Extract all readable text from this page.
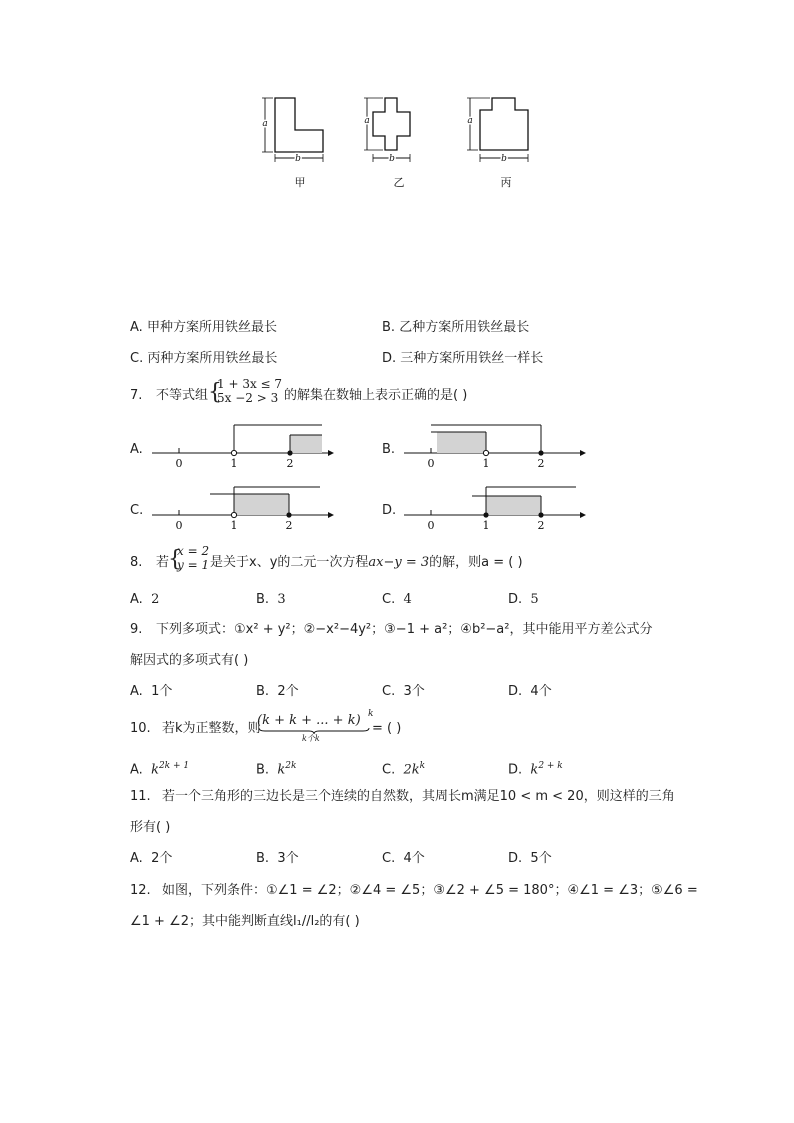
a
b
甲
a
b
乙
a
b
丙
A. 甲种方案所用铁丝最长	B. 乙种方案所用铁丝最长
C. 丙种方案所用铁丝最长	D. 三种方案所用铁丝一样长
7. 不等式组 {
1 + 3x ≤ 7
5x −2 > 3 的解集在数轴上表示正确的是( )
A.	B.
C.	D.
0	1	2	0	1	2
0	1	2	0	1	2
8. 若
{
x = 2
y = 1 是关于x、y的二元一次方程ax−y = 3的解，则a = ( )
A. 2	B. 3	C. 4	D. 5
9. 下列多项式：①x² + y²；②−x²−4y²；③−1 + a²；④b²−a²，其中能用平方差公式分
解因式的多项式有( )
A. 1个	B. 2个	C. 3个	D. 4个
10. 若k为正整数，则
(k + k + ... + k) k
k个k
= ( )
A. $k^{2k + 1}$	B. $k^{2k}$	C. $2k^k$	D. $k^{2 + k}$
11. 若一个三角形的三边长是三个连续的自然数，其周长m满足10 < m < 20，则这样的三角
形有( )
A. 2个	B. 3个	C. 4个	D. 5个
12. 如图，下列条件：①∠1 = ∠2；②∠4 = ∠5；③∠2 + ∠5 = 180°；④∠1 = ∠3；⑤∠6 =
∠1 + ∠2；其中能判断直线l₁//l₂的有( )
